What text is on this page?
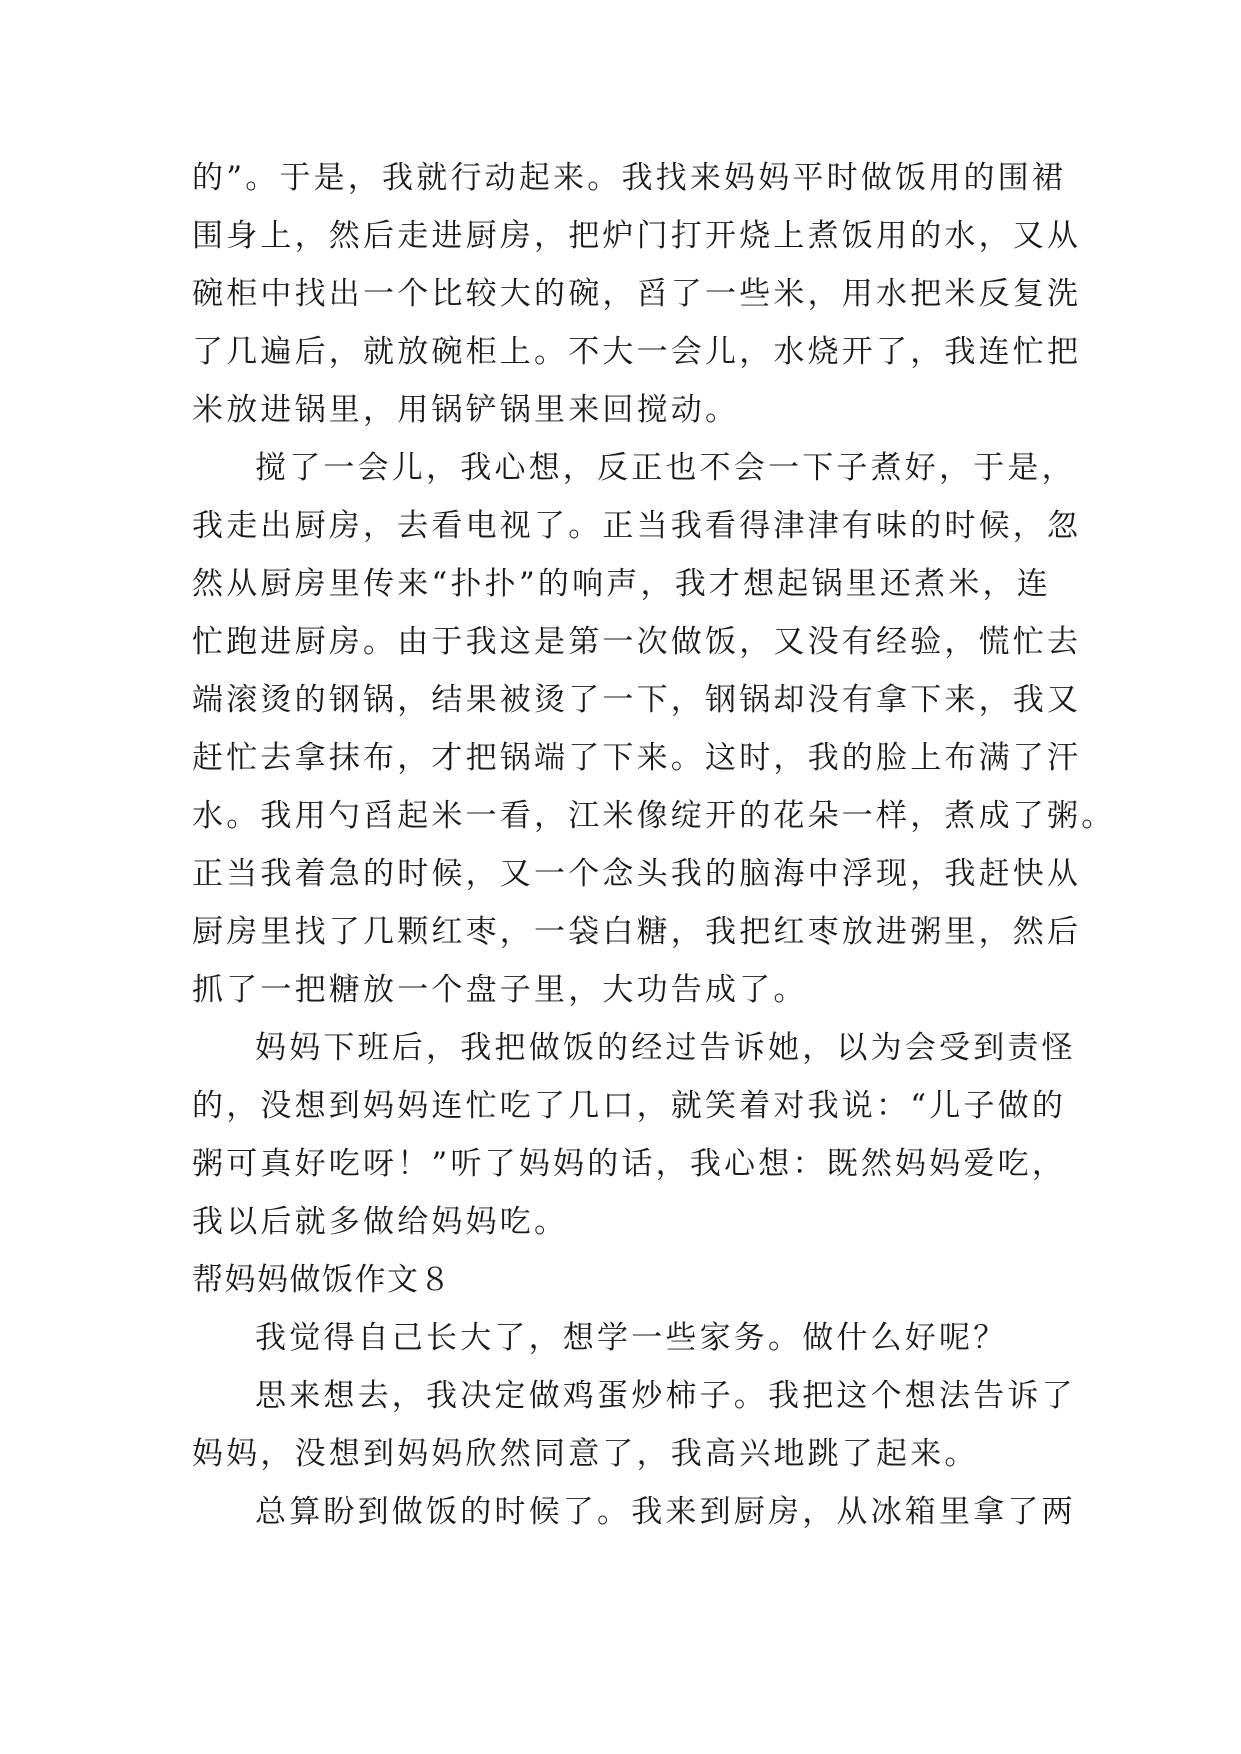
的”。于是，我就行动起来。我找来妈妈平时做饭用的围裙
围身上，然后走进厨房，把炉门打开烧上煮饭用的水，又从
碗柜中找出一个比较大的碗，舀了一些米，用水把米反复洗
了几遍后，就放碗柜上。不大一会儿，水烧开了，我连忙把
米放进锅里，用锅铲锅里来回搅动。
搅了一会儿，我心想，反正也不会一下子煮好，于是，
我走出厨房，去看电视了。正当我看得津津有味的时候，忽
然从厨房里传来“扑扑”的响声，我才想起锅里还煮米，连
忙跑进厨房。由于我这是第一次做饭，又没有经验，慌忙去
端滚烫的钢锅，结果被烫了一下，钢锅却没有拿下来，我又
赶忙去拿抹布，才把锅端了下来。这时，我的脸上布满了汗
水。我用勺舀起米一看，江米像绽开的花朵一样，煮成了粥。
正当我着急的时候，又一个念头我的脑海中浮现，我赶快从
厨房里找了几颗红枣，一袋白糖，我把红枣放进粥里，然后
抓了一把糖放一个盘子里，大功告成了。
妈妈下班后，我把做饭的经过告诉她，以为会受到责怪
的，没想到妈妈连忙吃了几口，就笑着对我说：“儿子做的
粥可真好吃呀！”听了妈妈的话，我心想：既然妈妈爱吃，
我以后就多做给妈妈吃。
帮妈妈做饭作文８
我觉得自己长大了，想学一些家务。做什么好呢？
思来想去，我决定做鸡蛋炒柿子。我把这个想法告诉了
妈妈，没想到妈妈欣然同意了，我高兴地跳了起来。
总算盼到做饭的时候了。我来到厨房，从冰箱里拿了两
